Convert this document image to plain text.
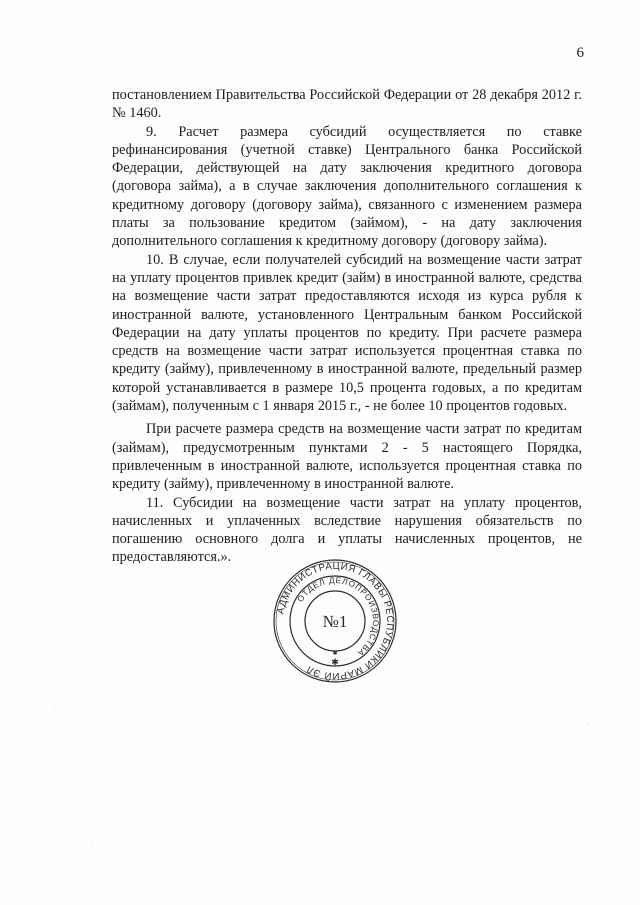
6

постановлением Правительства Российской Федерации от 28 декабря 2012 г. № 1460.

9. Расчет размера субсидий осуществляется по ставке рефинансирования (учетной ставке) Центрального банка Российской Федерации, действующей на дату заключения кредитного договора (договора займа), а в случае заключения дополнительного соглашения к кредитному договору (договору займа), связанного с изменением размера платы за пользование кредитом (займом), - на дату заключения дополнительного соглашения к кредитному договору (договору займа).

10. В случае, если получателей субсидий на возмещение части затрат на уплату процентов привлек кредит (займ) в иностранной валюте, средства на возмещение части затрат предоставляются исходя из курса рубля к иностранной валюте, установленного Центральным банком Российской Федерации на дату уплаты процентов по кредиту. При расчете размера средств на возмещение части затрат используется процентная ставка по кредиту (займу), привлеченному в иностранной валюте, предельный размер которой устанавливается в размере 10,5 процента годовых, а по кредитам (займам), полученным с 1 января 2015 г., - не более 10 процентов годовых.

При расчете размера средств на возмещение части затрат по кредитам (займам), предусмотренным пунктами 2 - 5 настоящего Порядка, привлеченным в иностранной валюте, используется процентная ставка по кредиту (займу), привлеченному в иностранной валюте.

11. Субсидии на возмещение части затрат на уплату процентов, начисленных и уплаченных вследствие нарушения обязательств по погашению основного долга и уплаты начисленных процентов, не предоставляются.».

АДМИНИСТРАЦИЯ ГЛАВЫ РЕСПУБЛИКИ МАРИЙ ЭЛ
ОТДЕЛ ДЕЛОПРОИЗВОДСТВА
№1
✱
✱
